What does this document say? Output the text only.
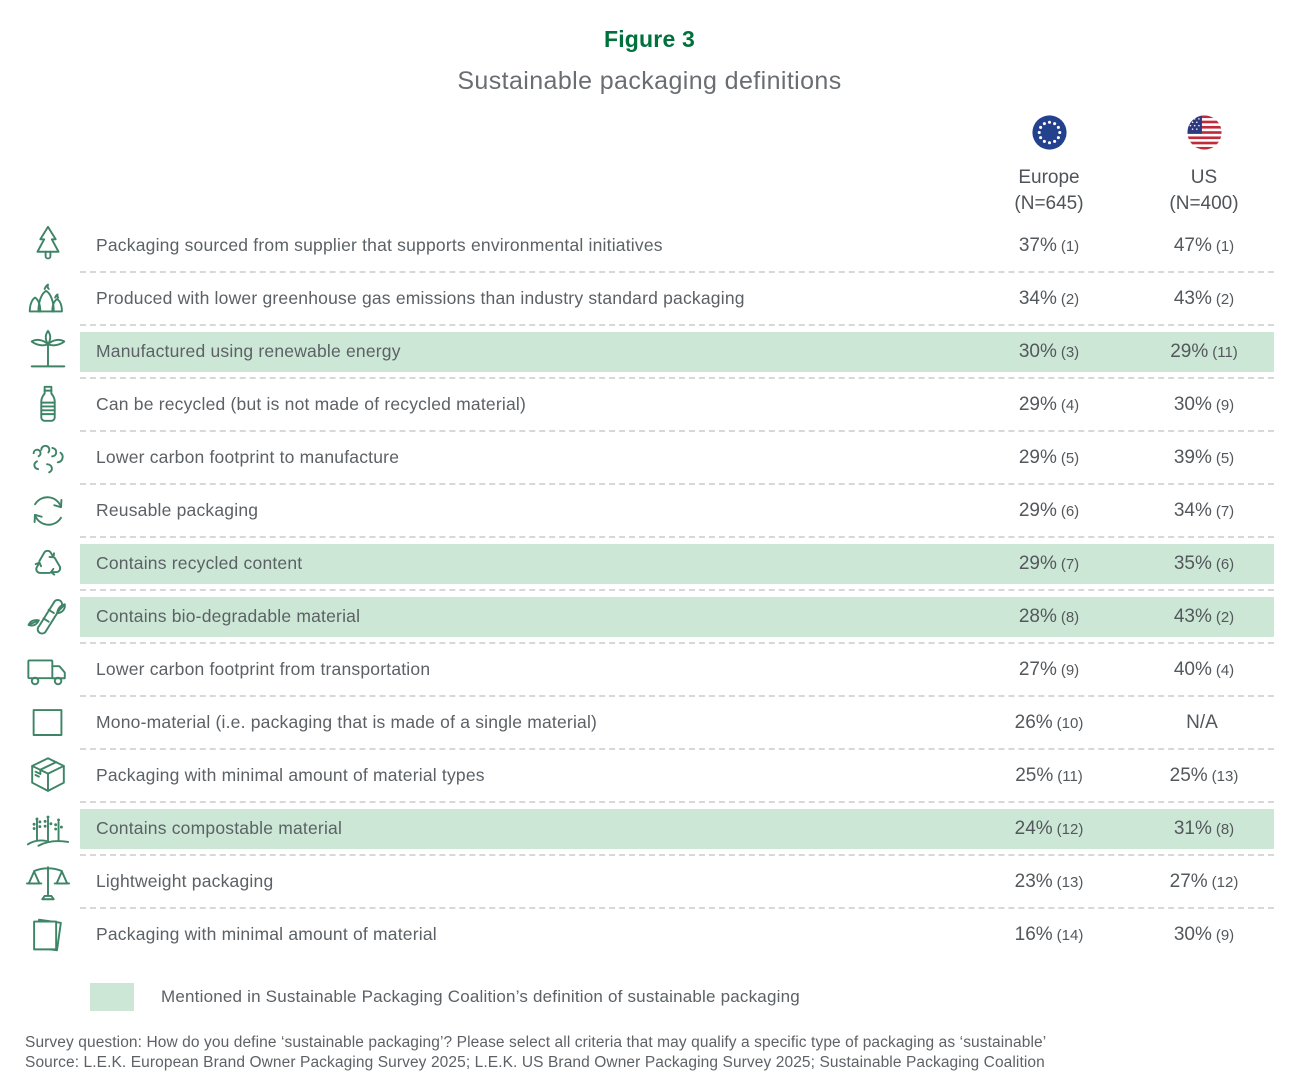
Figure 3
Sustainable packaging definitions
Europe
(N=645)
US
(N=400)
Packaging sourced from supplier that supports environmental initiatives	37% (1)	47% (1)
Produced with lower greenhouse gas emissions than industry standard packaging	34% (2)	43% (2)
Manufactured using renewable energy	30% (3)	29% (11)
Can be recycled (but is not made of recycled material)	29% (4)	30% (9)
Lower carbon footprint to manufacture	29% (5)	39% (5)
Reusable packaging	29% (6)	34% (7)
Contains recycled content	29% (7)	35% (6)
Contains bio-degradable material	28% (8)	43% (2)
Lower carbon footprint from transportation	27% (9)	40% (4)
Mono-material (i.e. packaging that is made of a single material)	26% (10)	N/A
Packaging with minimal amount of material types	25% (11)	25% (13)
Contains compostable material	24% (12)	31% (8)
Lightweight packaging	23% (13)	27% (12)
Packaging with minimal amount of material	16% (14)	30% (9)
Mentioned in Sustainable Packaging Coalition’s definition of sustainable packaging
Survey question: How do you define ‘sustainable packaging’? Please select all criteria that may qualify a specific type of packaging as ‘sustainable’
Source: L.E.K. European Brand Owner Packaging Survey 2025; L.E.K. US Brand Owner Packaging Survey 2025; Sustainable Packaging Coalition
